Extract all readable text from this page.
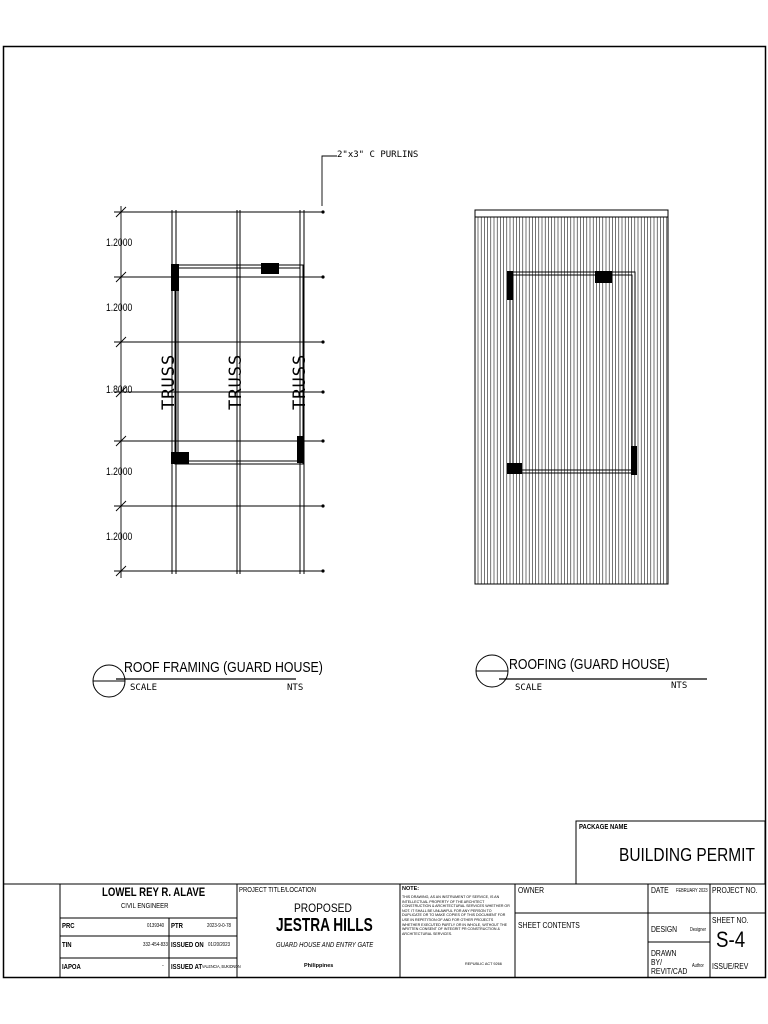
2"x3" C PURLINS
1.2000
1.2000
1.8000
1.2000
1.2000
TRUSS	TRUSS	TRUSS
ROOF FRAMING (GUARD HOUSE)
SCALE	NTS
ROOFING (GUARD HOUSE)
SCALE	NTS
PACKAGE NAME
BUILDING PERMIT
LOWEL REY R. ALAVE
CIVIL ENGINEER
PRC	0139340 PTR	2023-9-0-78
TIN	332-454-833 ISSUED ON 01/20/2023
IAPOA	- ISSUED AT VALENCIA, BUKIDNON
PROJECT TITLE/LOCATION
PROPOSED
JESTRA HILLS
GUARD HOUSE AND ENTRY GATE
Philippines
NOTE:
THIS DRAWING, AS AN INSTRUMENT OF SERVICE, IS AN INTELLECTUAL PROPERTY OF THE ARCHITECT CONSTRUCTION & ARCHITECTURAL SERVICES WHETHER OR NOT. IT SHALL BE UNLAWFUL FOR ANY PERSON TO DUPLICATE OR TO MAKE COPIES OF THIS DOCUMENT FOR USE IN REPETITION OF AND FOR OTHER PROJECTS WHETHER EXECUTED PARTLY OR IN WHOLE, WITHOUT THE WRITTEN CONSENT OF INTEGRIT PR CONSTRUCTION & ARCHITECTURAL SERVICES.
REPUBLIC ACT 9266
OWNER
SHEET CONTENTS
DATE FEBRUARY 2023 PROJECT NO.
DESIGN	Designer
SHEET NO.
S-4
DRAWN BY/ REVIT/CAD
Author ISSUE/REV
